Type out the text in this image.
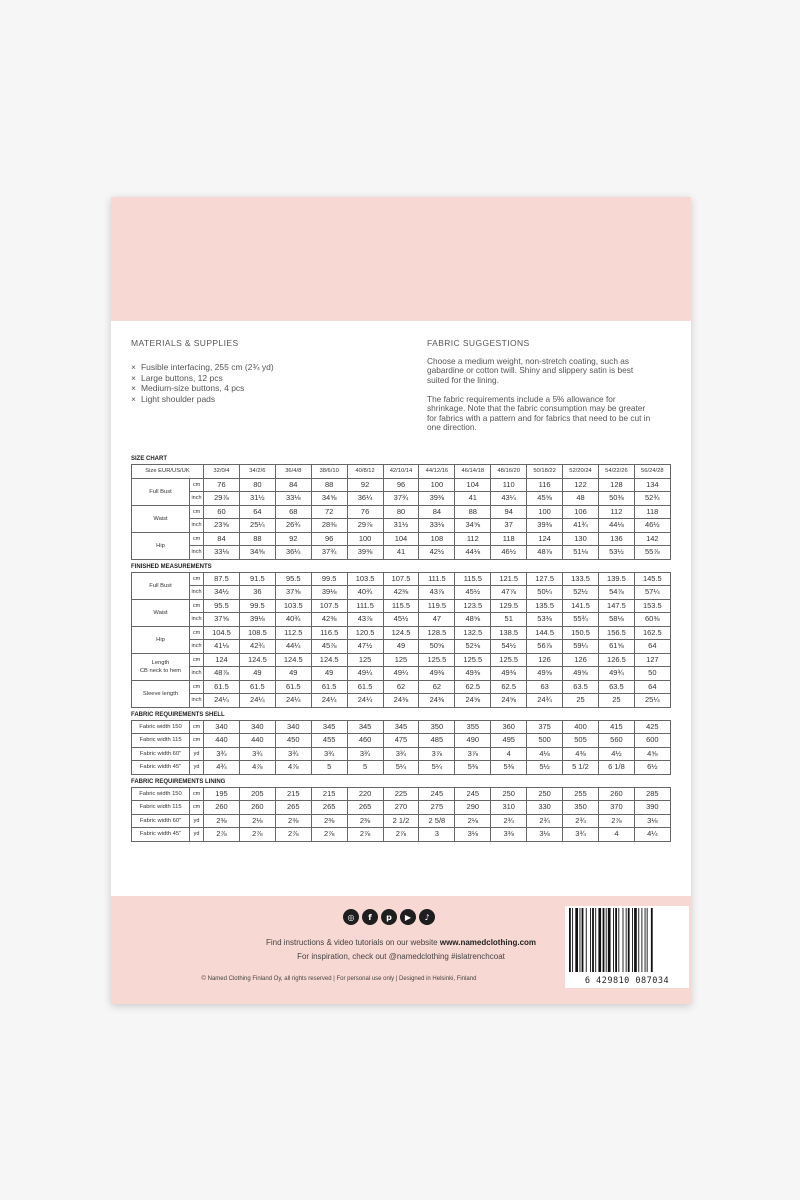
MATERIALS & SUPPLIES
× Fusible interfacing, 255 cm (2¾ yd)
× Large buttons, 12 pcs
× Medium-size buttons, 4 pcs
× Light shoulder pads
FABRIC SUGGESTIONS

Choose a medium weight, non-stretch coating, such as gabardine or cotton twill. Shiny and slippery satin is best suited for the lining.

The fabric requirements include a 5% allowance for shrinkage. Note that the fabric consumption may be greater for fabrics with a pattern and for fabrics that need to be cut in one direction.

SIZE CHART
Size EUR/US/UK		32/0/4	34/2/6	36/4/8	38/6/10	40/8/12	42/10/14	44/12/16	46/14/18	48/16/20	50/18/22	52/20/24	54/22/26	56/24/28

Full Bust	cm	76	80	84	88	92	96	100	104	110	116	122	128	134
	inch	29⅞	31½	33⅛	34⅝	36¼	37¾	39⅜	41	43¼	45⅝	48	50⅜	52¾

Waist	cm	60	64	68	72	76	80	84	88	94	100	106	112	118
	inch	23⅝	25¼	26¾	28⅜	29⅞	31½	33⅛	34⅝	37	39⅜	41¾	44⅛	46½

Hip	cm	84	88	92	96	100	104	108	112	118	124	130	136	142
	inch	33⅛	34⅝	36¼	37¾	39⅜	41	42½	44⅛	46½	48⅞	51⅛	53½	55⅞
FINISHED MEASUREMENTS
Full Bust	cm	87.5	91.5	95.5	99.5	103.5	107.5	111.5	115.5	121.5	127.5	133.5	139.5	145.5
	inch	34½	36	37⅝	39⅛	40¾	42⅜	43⅞	45½	47⅞	50¼	52½	54⅞	57¼

Waist	cm	95.5	99.5	103.5	107.5	111.5	115.5	119.5	123.5	129.5	135.5	141.5	147.5	153.5
	inch	37⅝	39⅛	40¾	42⅜	43⅞	45½	47	48⅝	51	53⅜	55¾	58⅛	60⅜

Hip	cm	104.5	108.5	112.5	116.5	120.5	124.5	128.5	132.5	138.5	144.5	150.5	156.5	162.5
	inch	41⅛	42¾	44¼	45⅞	47½	49	50⅝	52⅛	54½	56⅞	59¼	61⅝	64

Length
CB neck to hem	cm	124	124.5	124.5	124.5	125	125	125.5	125.5	125.5	126	126	126.5	127
	inch	48⅞	49	49	49	49¼	49¼	49⅜	49⅜	49⅜	49⅝	49⅝	49¾	50

Sleeve length	cm	61.5	61.5	61.5	61.5	61.5	62	62	62.5	62.5	63	63.5	63.5	64
	inch	24¼	24¼	24¼	24¼	24¼	24⅜	24⅜	24⅝	24⅝	24¾	25	25	25¼
FABRIC REQUIREMENTS SHELL
Fabric width 150	cm	340	340	340	345	345	345	350	355	360	375	400	415	425
Fabric width 115	cm	440	440	450	455	460	475	485	490	495	500	505	560	600
Fabric width 60"	yd	3¾	3¾	3¾	3¾	3¾	3¾	3⅞	3⅞	4	4⅛	4⅜	4½	4⅝
Fabric width 45"	yd	4¾	4⅞	4⅞	5	5	5¼	5¼	5⅜	5⅜	5½	5 1/2	6 1/8	6½
FABRIC REQUIREMENTS LINING
Fabric width 150	cm	195	205	215	215	220	225	245	245	250	250	255	260	285
Fabric width 115	cm	260	260	265	265	265	270	275	290	310	330	350	370	390
Fabric width 60"	yd	2⅜	2⅛	2⅜	2⅜	2⅜	2 1/2	2 5/8	2⅛	2¾	2¾	2¾	2⅞	3⅛
Fabric width 45"	yd	2⅞	2⅞	2⅞	2⅞	2⅞	2⅞	3	3⅛	3⅜	3⅛	3¾	4	4¼
◎	f	p	▶	♪
Find instructions & video tutorials on our website www.namedclothing.com
For inspiration, check out @namedclothing #islatrenchcoat
© Named Clothing Finland Oy, all rights reserved | For personal use only | Designed in Helsinki, Finland	6 429810 087034
